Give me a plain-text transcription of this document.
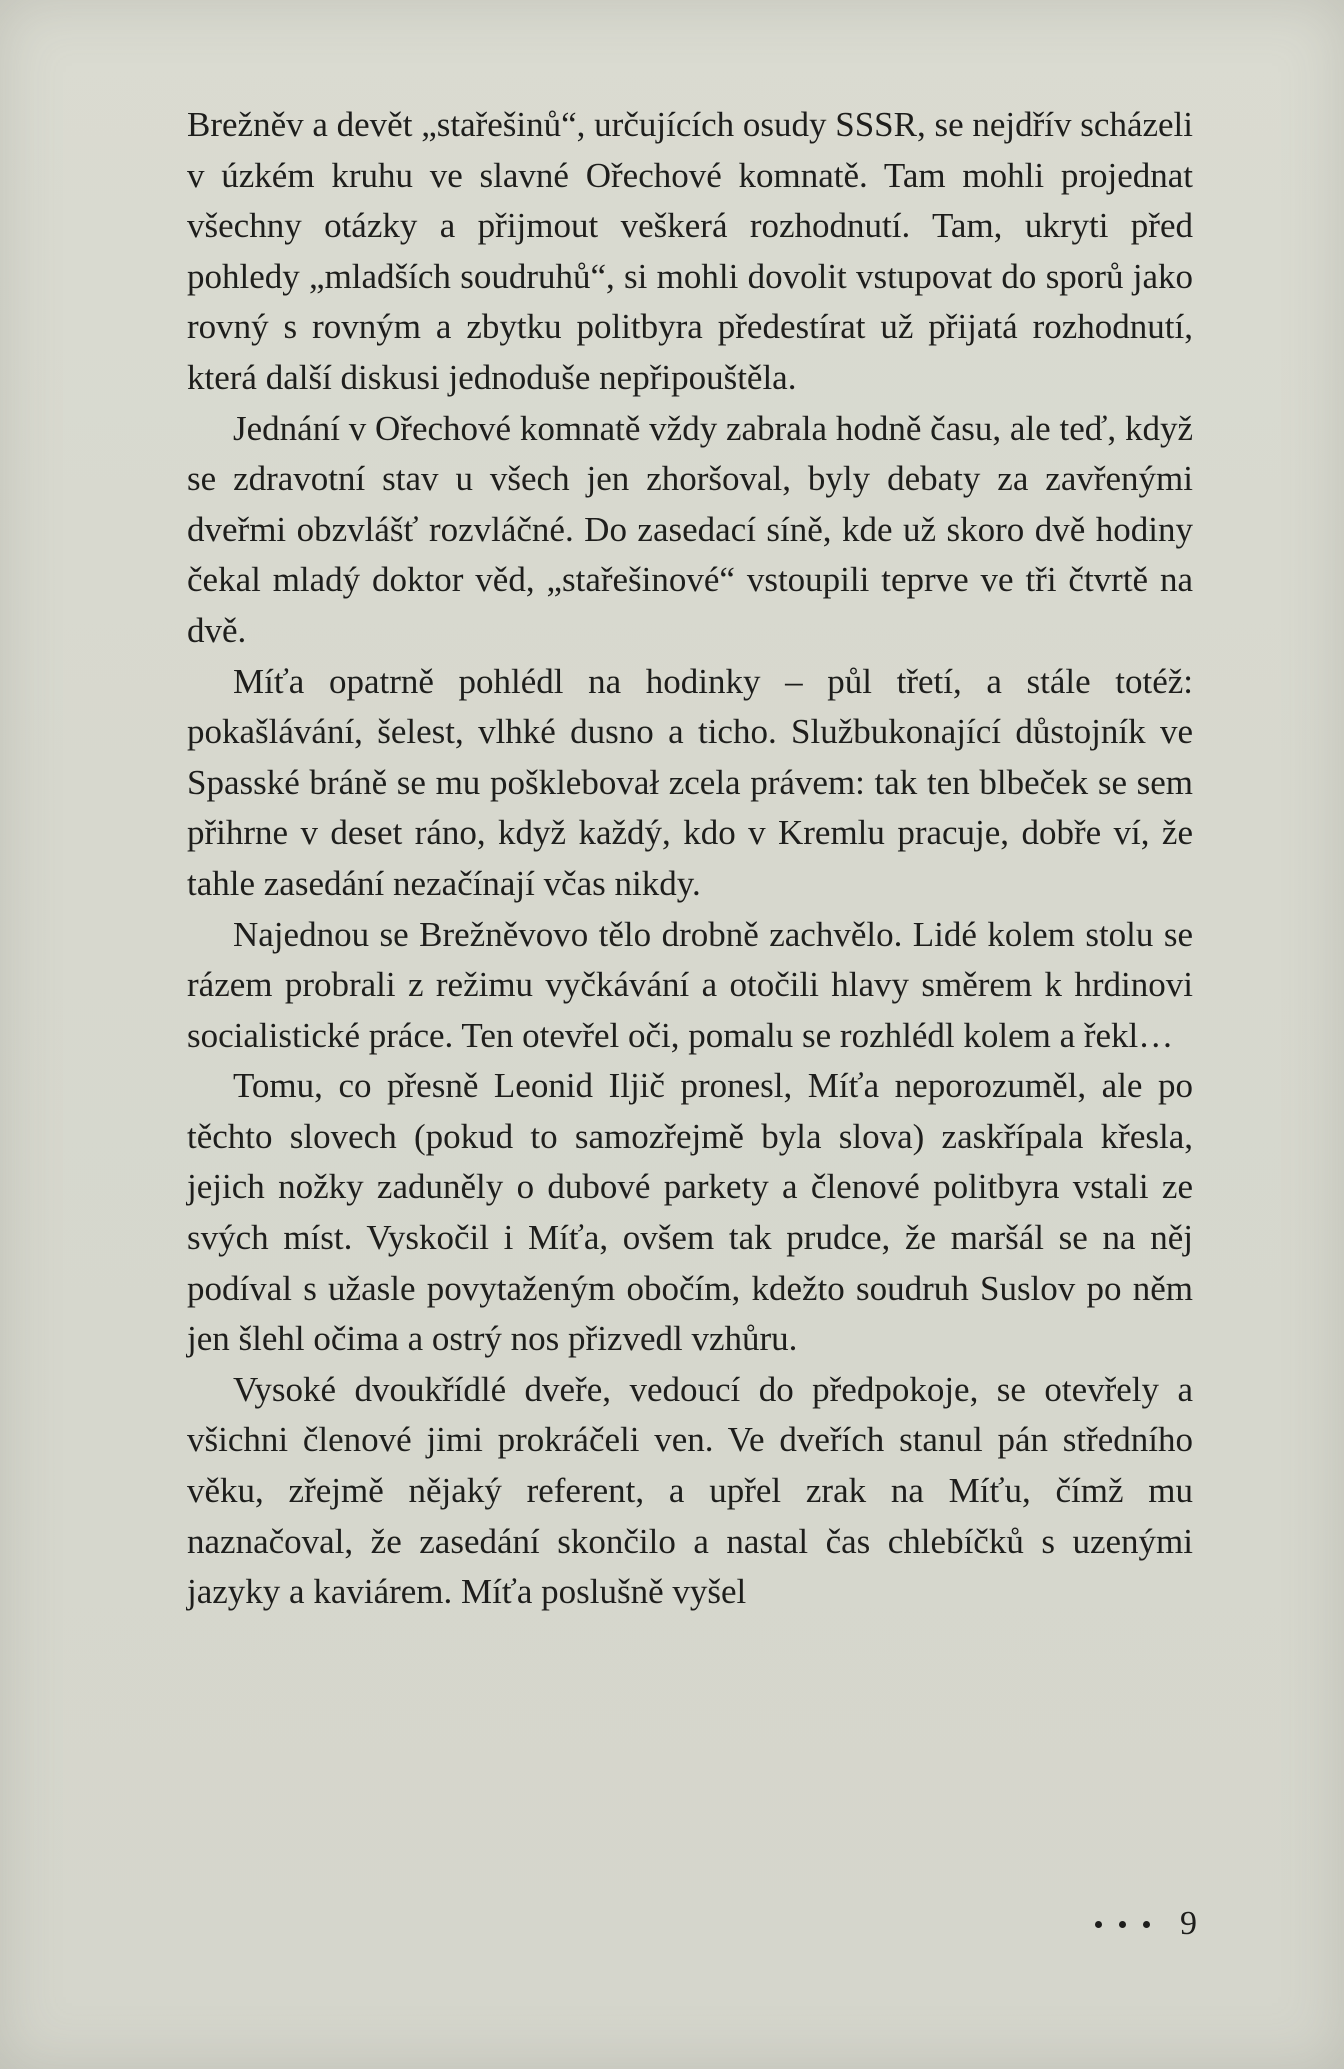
Brežněv a devět „stařešinů“, určujících osudy SSSR, se nejdřív scházeli v úzkém kruhu ve slavné Ořechové komnatě. Tam mohli projednat všechny otázky a přijmout veškerá rozhodnutí. Tam, ukryti před pohledy „mladších soudruhů“, si mohli dovolit vstupovat do sporů jako rovný s rovným a zbytku politbyra předestírat už přijatá rozhodnutí, která další diskusi jednoduše nepřipouštěla.

Jednání v Ořechové komnatě vždy zabrala hodně času, ale teď, když se zdravotní stav u všech jen zhoršoval, byly debaty za zavřenými dveřmi obzvlášť rozvláčné. Do zasedací síně, kde už skoro dvě hodiny čekal mladý doktor věd, „stařešinové“ vstoupili teprve ve tři čtvrtě na dvě.

Míťa opatrně pohlédl na hodinky – půl třetí, a stále totéž: pokašlávání, šelest, vlhké dusno a ticho. Službukonající důstojník ve Spasské bráně se mu pošklebovał zcela právem: tak ten blbeček se sem přihrne v deset ráno, když každý, kdo v Kremlu pracuje, dobře ví, že tahle zasedání nezačínají včas nikdy.

Najednou se Brežněvovo tělo drobně zachvělo. Lidé kolem stolu se rázem probrali z režimu vyčkávání a otočili hlavy směrem k hrdinovi socialistické práce. Ten otevřel oči, pomalu se rozhlédl kolem a řekl…

Tomu, co přesně Leonid Iljič pronesl, Míťa neporozuměl, ale po těchto slovech (pokud to samozřejmě byla slova) zaskřípala křesla, jejich nožky zaduněly o dubové parkety a členové politbyra vstali ze svých míst. Vyskočil i Míťa, ovšem tak prudce, že maršál se na něj podíval s užasle povytaženým obočím, kdežto soudruh Suslov po něm jen šlehl očima a ostrý nos přizvedl vzhůru.

Vysoké dvoukřídlé dveře, vedoucí do předpokoje, se otevřely a všichni členové jimi prokráčeli ven. Ve dveřích stanul pán středního věku, zřejmě nějaký referent, a upřel zrak na Míťu, čímž mu naznačoval, že zasedání skončilo a nastal čas chlebíčků s uzenými jazyky a kaviárem. Míťa poslušně vyšel

9
